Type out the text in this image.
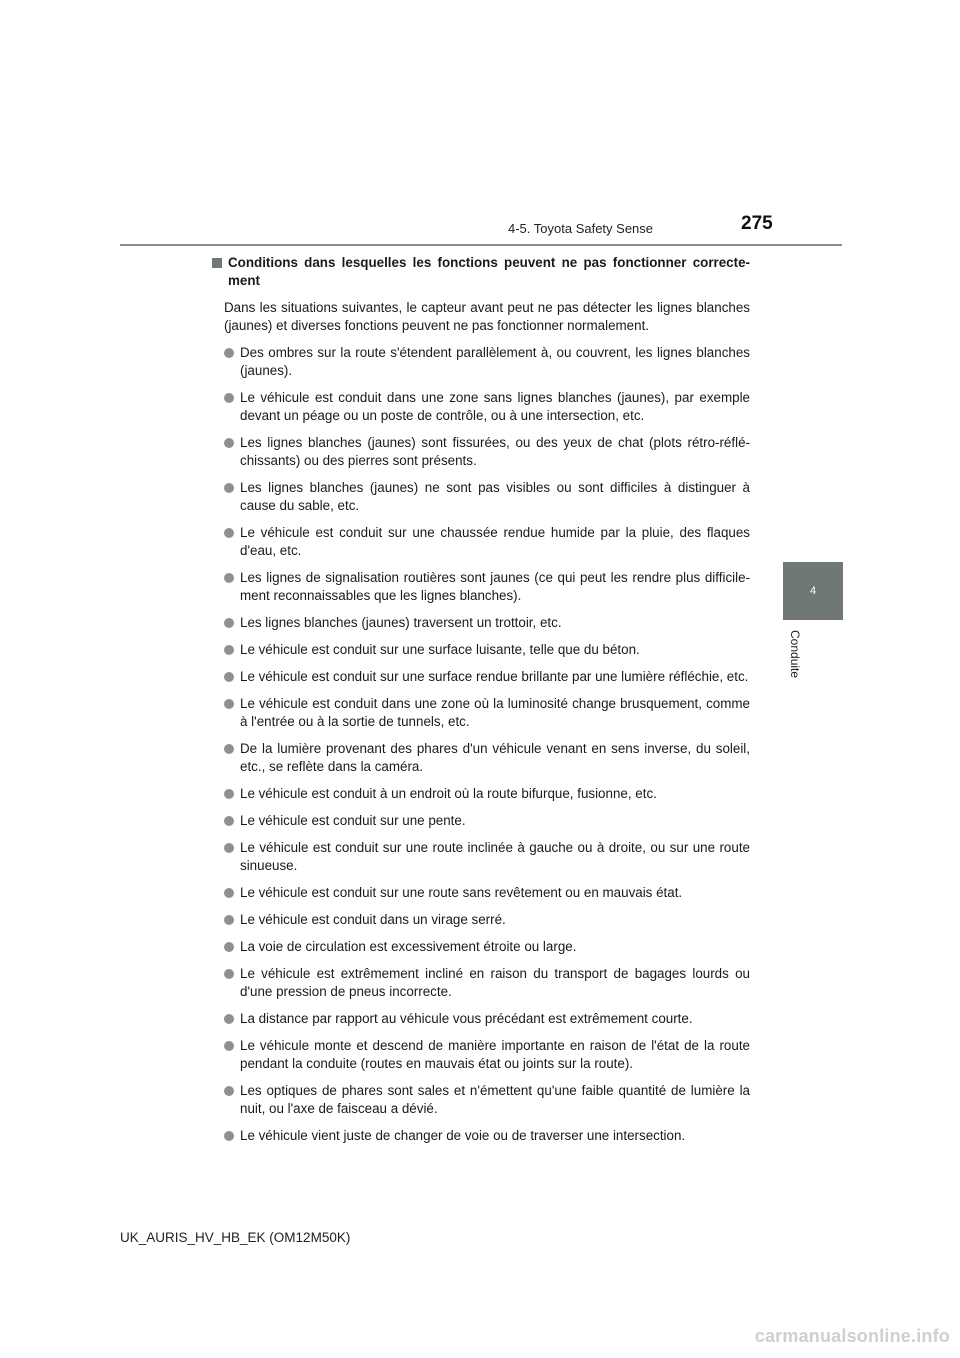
4-5. Toyota Safety Sense	275
4
Conduite
Conditions dans lesquelles les fonctions peuvent ne pas fonctionner correcte-ment
Dans les situations suivantes, le capteur avant peut ne pas détecter les lignes blanches (jaunes) et diverses fonctions peuvent ne pas fonctionner normalement.
Des ombres sur la route s'étendent parallèlement à, ou couvrent, les lignes blanches (jaunes).
Le véhicule est conduit dans une zone sans lignes blanches (jaunes), par exemple devant un péage ou un poste de contrôle, ou à une intersection, etc.
Les lignes blanches (jaunes) sont fissurées, ou des yeux de chat (plots rétro-réflé-chissants) ou des pierres sont présents.
Les lignes blanches (jaunes) ne sont pas visibles ou sont difficiles à distinguer à cause du sable, etc.
Le véhicule est conduit sur une chaussée rendue humide par la pluie, des flaques d'eau, etc.
Les lignes de signalisation routières sont jaunes (ce qui peut les rendre plus difficile-ment reconnaissables que les lignes blanches).
Les lignes blanches (jaunes) traversent un trottoir, etc.
Le véhicule est conduit sur une surface luisante, telle que du béton.
Le véhicule est conduit sur une surface rendue brillante par une lumière réfléchie, etc.
Le véhicule est conduit dans une zone où la luminosité change brusquement, comme à l'entrée ou à la sortie de tunnels, etc.
De la lumière provenant des phares d'un véhicule venant en sens inverse, du soleil, etc., se reflète dans la caméra.
Le véhicule est conduit à un endroit où la route bifurque, fusionne, etc.
Le véhicule est conduit sur une pente.
Le véhicule est conduit sur une route inclinée à gauche ou à droite, ou sur une route sinueuse.
Le véhicule est conduit sur une route sans revêtement ou en mauvais état.
Le véhicule est conduit dans un virage serré.
La voie de circulation est excessivement étroite ou large.
Le véhicule est extrêmement incliné en raison du transport de bagages lourds ou d'une pression de pneus incorrecte.
La distance par rapport au véhicule vous précédant est extrêmement courte.
Le véhicule monte et descend de manière importante en raison de l'état de la route pendant la conduite (routes en mauvais état ou joints sur la route).
Les optiques de phares sont sales et n'émettent qu'une faible quantité de lumière la nuit, ou l'axe de faisceau a dévié.
Le véhicule vient juste de changer de voie ou de traverser une intersection.
UK_AURIS_HV_HB_EK (OM12M50K)
carmanualsonline.info
